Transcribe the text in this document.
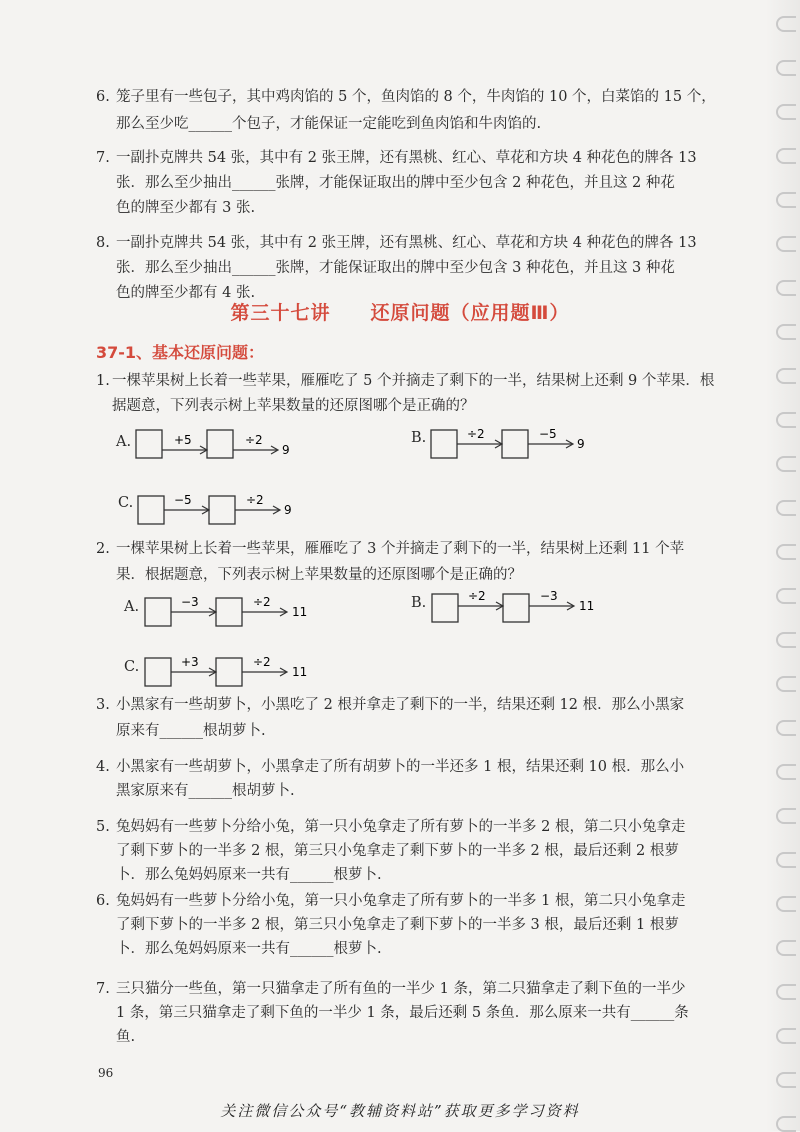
6. 笼子里有一些包子，其中鸡肉馅的 5 个，鱼肉馅的 8 个，牛肉馅的 10 个，白菜馅的 15 个，
那么至少吃______个包子，才能保证一定能吃到鱼肉馅和牛肉馅的.
7. 一副扑克牌共 54 张，其中有 2 张王牌，还有黑桃、红心、草花和方块 4 种花色的牌各 13
张．那么至少抽出______张牌，才能保证取出的牌中至少包含 2 种花色，并且这 2 种花
色的牌至少都有 3 张.
8. 一副扑克牌共 54 张，其中有 2 张王牌，还有黑桃、红心、草花和方块 4 种花色的牌各 13
张．那么至少抽出______张牌，才能保证取出的牌中至少包含 3 种花色，并且这 3 种花
色的牌至少都有 4 张.
第三十七讲 还原问题（应用题Ⅲ）
37-1、基本还原问题：
1. 一棵苹果树上长着一些苹果，雁雁吃了 5 个并摘走了剩下的一半，结果树上还剩 9 个苹果．根
据题意，下列表示树上苹果数量的还原图哪个是正确的？
A.	+5	÷2
9
B.	÷2	−5
9
C.	−5	÷2
9
2. 一棵苹果树上长着一些苹果，雁雁吃了 3 个并摘走了剩下的一半，结果树上还剩 11 个苹
果．根据题意，下列表示树上苹果数量的还原图哪个是正确的？
A.	−3	÷2
11
B.	÷2	−3
11
C.	+3	÷2
11
3. 小黑家有一些胡萝卜，小黑吃了 2 根并拿走了剩下的一半，结果还剩 12 根．那么小黑家
原来有______根胡萝卜.
4. 小黑家有一些胡萝卜，小黑拿走了所有胡萝卜的一半还多 1 根，结果还剩 10 根．那么小
黑家原来有______根胡萝卜.
5. 兔妈妈有一些萝卜分给小兔，第一只小兔拿走了所有萝卜的一半多 2 根，第二只小兔拿走
了剩下萝卜的一半多 2 根，第三只小兔拿走了剩下萝卜的一半多 2 根，最后还剩 2 根萝
卜．那么兔妈妈原来一共有______根萝卜.
6. 兔妈妈有一些萝卜分给小兔，第一只小兔拿走了所有萝卜的一半多 1 根，第二只小兔拿走
了剩下萝卜的一半多 2 根，第三只小兔拿走了剩下萝卜的一半多 3 根，最后还剩 1 根萝
卜．那么兔妈妈原来一共有______根萝卜.
7. 三只猫分一些鱼，第一只猫拿走了所有鱼的一半少 1 条，第二只猫拿走了剩下鱼的一半少
1 条，第三只猫拿走了剩下鱼的一半少 1 条，最后还剩 5 条鱼．那么原来一共有______条
鱼.
96
关注微信公众号“教辅资料站”获取更多学习资料
